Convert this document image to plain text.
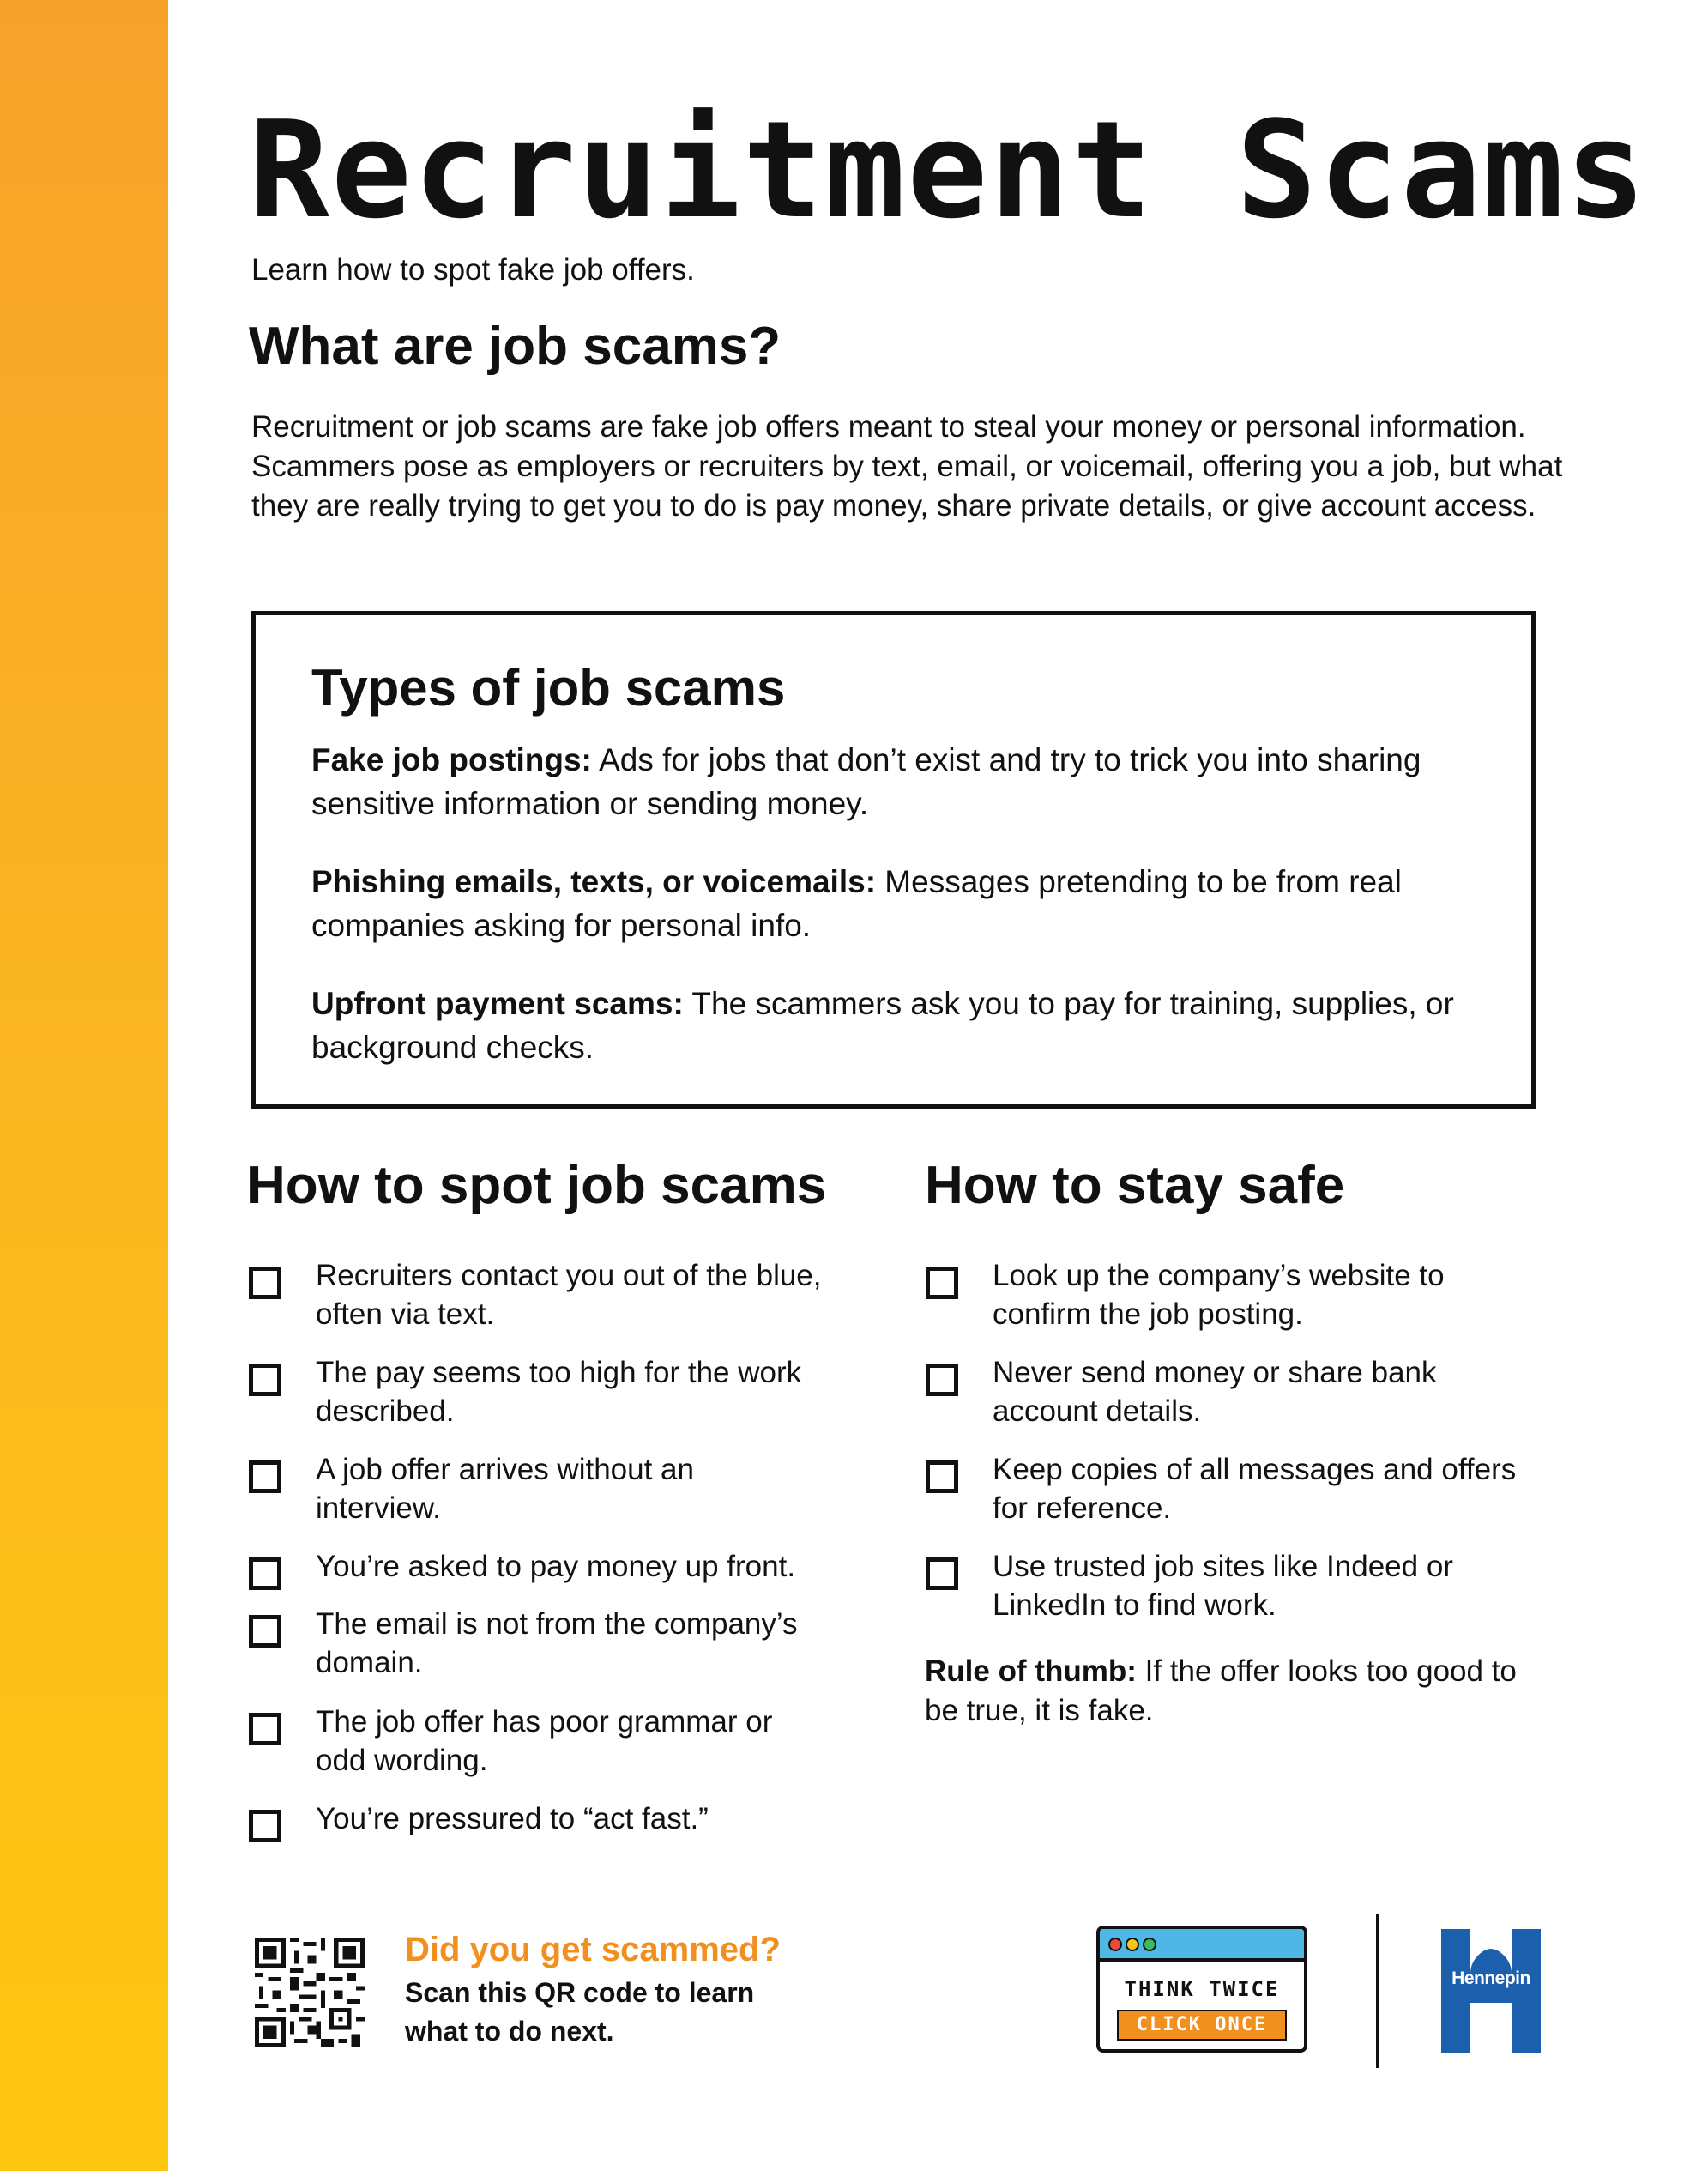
Recruitment Scams
Learn how to spot fake job offers.
What are job scams?

Recruitment or job scams are fake job offers meant to steal your money or personal information. Scammers pose as employers or recruiters by text, email, or voicemail, offering you a job, but what they are really trying to get you to do is pay money, share private details, or give account access.

Types of job scams

Fake job postings: Ads for jobs that don’t exist and try to trick you into sharing sensitive information or sending money.

Phishing emails, texts, or voicemails: Messages pretending to be from real companies asking for personal info.

Upfront payment scams: The scammers ask you to pay for training, supplies, or background checks.

How to spot job scams How to stay safe
Recruiters contact you out of the blue, often via text.
The pay seems too high for the work described.
A job offer arrives without an interview.
You’re asked to pay money up front.
The email is not from the company’s domain.
The job offer has poor grammar or odd wording.
You’re pressured to “act fast.”
Look up the company’s website to confirm the job posting.
Never send money or share bank account details.
Keep copies of all messages and offers for reference.
Use trusted job sites like Indeed or LinkedIn to find work.

Rule of thumb: If the offer looks too good to be true, it is fake.

Did you get scammed?

Scan this QR code to learn what to do next.

THINK TWICE
CLICK ONCE
Hennepin
